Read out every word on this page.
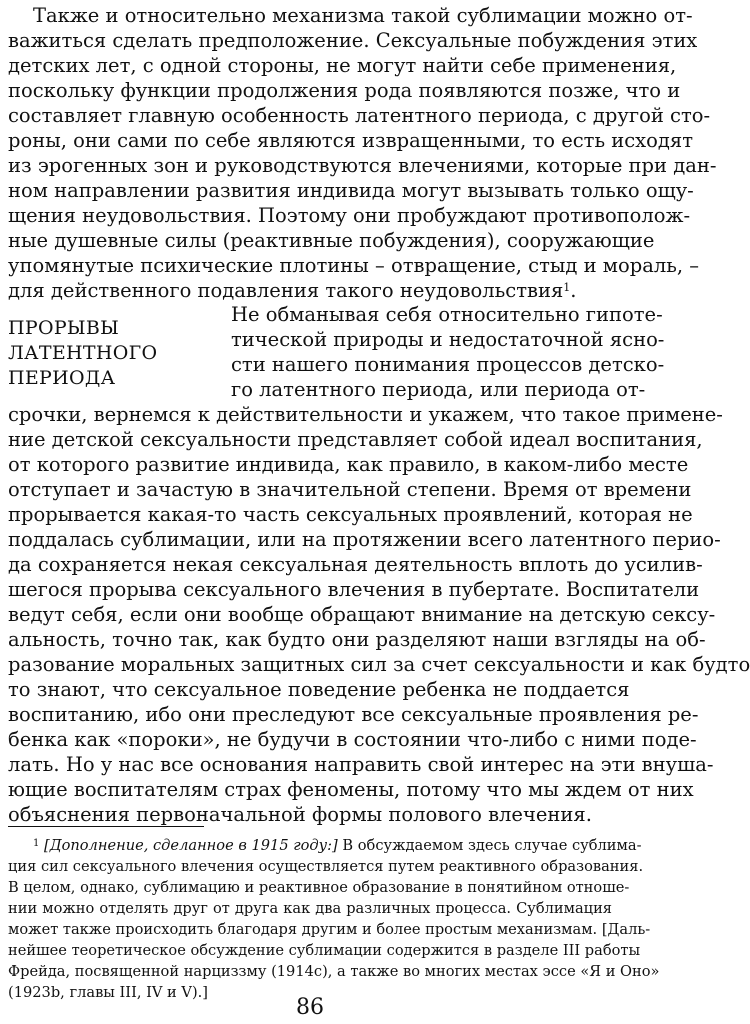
Также и относительно механизма такой сублимации можно от-
важиться сделать предположение. Сексуальные побуждения этих
детских лет, с одной стороны, не могут найти себе применения,
поскольку функции продолжения рода появляются позже, что и
составляет главную особенность латентного периода, с другой сто-
роны, они сами по себе являются извращенными, то есть исходят
из эрогенных зон и руководствуются влечениями, которые при дан-
ном направлении развития индивида могут вызывать только ощу-
щения неудовольствия. Поэтому они пробуждают противополож-
ные душевные силы (реактивные побуждения), сооружающие
упомянутые психические плотины – отвращение, стыд и мораль, –
для действенного подавления такого неудовольствия$^1$.
ПРОРЫВЫ
ЛАТЕНТНОГО
ПЕРИОДА
Не обманывая себя относительно гипоте-
тической природы и недостаточной ясно-
сти нашего понимания процессов детско-
го латентного периода, или периода от-
срочки, вернемся к действительности и укажем, что такое примене-
ние детской сексуальности представляет собой идеал воспитания,
от которого развитие индивида, как правило, в каком-либо месте
отступает и зачастую в значительной степени. Время от времени
прорывается какая-то часть сексуальных проявлений, которая не
поддалась сублимации, или на протяжении всего латентного перио-
да сохраняется некая сексуальная деятельность вплоть до усилив-
шегося прорыва сексуального влечения в пубертате. Воспитатели
ведут себя, если они вообще обращают внимание на детскую сексу-
альность, точно так, как будто они разделяют наши взгляды на об-
разование моральных защитных сил за счет сексуальности и как будто
то знают, что сексуальное поведение ребенка не поддается
воспитанию, ибо они преследуют все сексуальные проявления ре-
бенка как «пороки», не будучи в состоянии что-либо с ними поде-
лать. Но у нас все основания направить свой интерес на эти внуша-
ющие воспитателям страх феномены, потому что мы ждем от них
объяснения первоначальной формы полового влечения.
$^1$ [Дополнение, сделанное в 1915 году:] В обсуждаемом здесь случае сублима-
ция сил сексуального влечения осуществляется путем реактивного образования.
В целом, однако, сублимацию и реактивное образование в понятийном отноше-
нии можно отделять друг от друга как два различных процесса. Сублимация
может также происходить благодаря другим и более простым механизмам. [Даль-
нейшее теоретическое обсуждение сублимации содержится в разделе III работы
Фрейда, посвященной нарциззму (1914c), а также во многих местах эссе «Я и Оно»
(1923b, главы III, IV и V).]
86
